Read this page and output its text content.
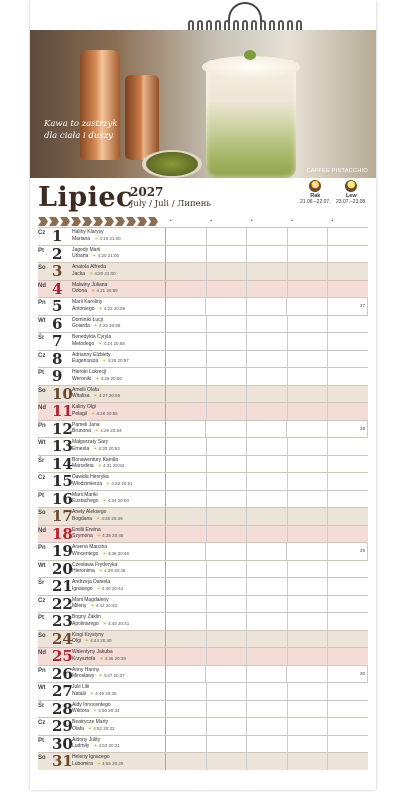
Kawa to zastrzyk dla ciała i duszy
CAFFEE PISTACCHIO
Lipiec
2027
July / Juli / Липень
♋
Rak
21.06.–22.07.
♌
Lew
23.07.–23.08.
◔	◔	◔	◔	◔
Cz 1	Haliny Klarysy
Mariana ☀ 4:19 21:00
Pt 2	Jagody Marii
Urbana ☀ 4:20 21:00
So 3	Anatola Alfreda
Jacka ☀ 4:20 21:00
Nd 4	Malwiny Juliana
Odona ☀ 4:21 20:59
Pn 5	Marii Karoliny
Antoniego ☀ 4:22 20:59
27
Wt 6	Dominiki Łucji
Goiarda ☀ 4:23 20:58
Śr 7	Benedykta Cyryla
Metodego ☀ 4:24 20:58
Cz 8	Adrianny Elżbiety
Eugeniusza ☀ 4:25 20:57
Pt 9	Hieroki Lukrecji
Weroniki ☀ 4:26 20:56
So 10 Amelii Olafa
Witalisa ☀ 4:27 20:55
Nd 11 Kaliny Olgi
Pelagii ☀ 4:28 20:55
Pn 12 Pameli Jana
Brunona ☀ 4:29 20:54
28
Wt 13 Małgorzaty Sary
Ernesta ☀ 4:30 20:53
Śr 14 Bonawentury Kamila
Marcelina ☀ 4:31 20:52
Cz 15 Dawida Henryka
Włodzimierza ☀ 4:32 20:51
Pt 16 Marii Mariki
Eustachego ☀ 4:34 20:50
So 17 Anety Aleksego
Bogdana ☀ 4:35 20:49
Nd 18 Emilii Erwina
Szymona ☀ 4:36 20:48
Pn 19 Arsena Marcina
Wincentego ☀ 4:38 20:46
29
Wt 20 Czesława Fryderyka
Hieronima ☀ 4:39 20:45
Śr 21 Andrzeja Daniela
Ignacego ☀ 4:40 20:44
Cz 22 Marii Magdaleny
Mileny ☀ 4:42 20:43
Pt 23 Bogny Żaklin
Apolinarego ☀ 4:43 20:41
So 24 Kingi Krystyny
Olgi ☀ 4:44 20:40
Nd 25 Walentyny Jakuba
Krzysztofa ☀ 4:46 20:38
Pn 26 Anny Hanny
Mirosławy ☀ 4:47 20:37
30
Wt 27 Julii Lilii
Natalii ☀ 4:49 20:35
Śr 28 Aidy Innocentego
Wiktora ☀ 4:50 20:34
Cz 29 Beatrycze Marty
Olafa ☀ 4:52 20:32
Pt 30 Aldony Julity
Ludmiły ☀ 4:53 20:31
So 31 Heleny Ignacego
Lubomira ☀ 4:55 20:29
